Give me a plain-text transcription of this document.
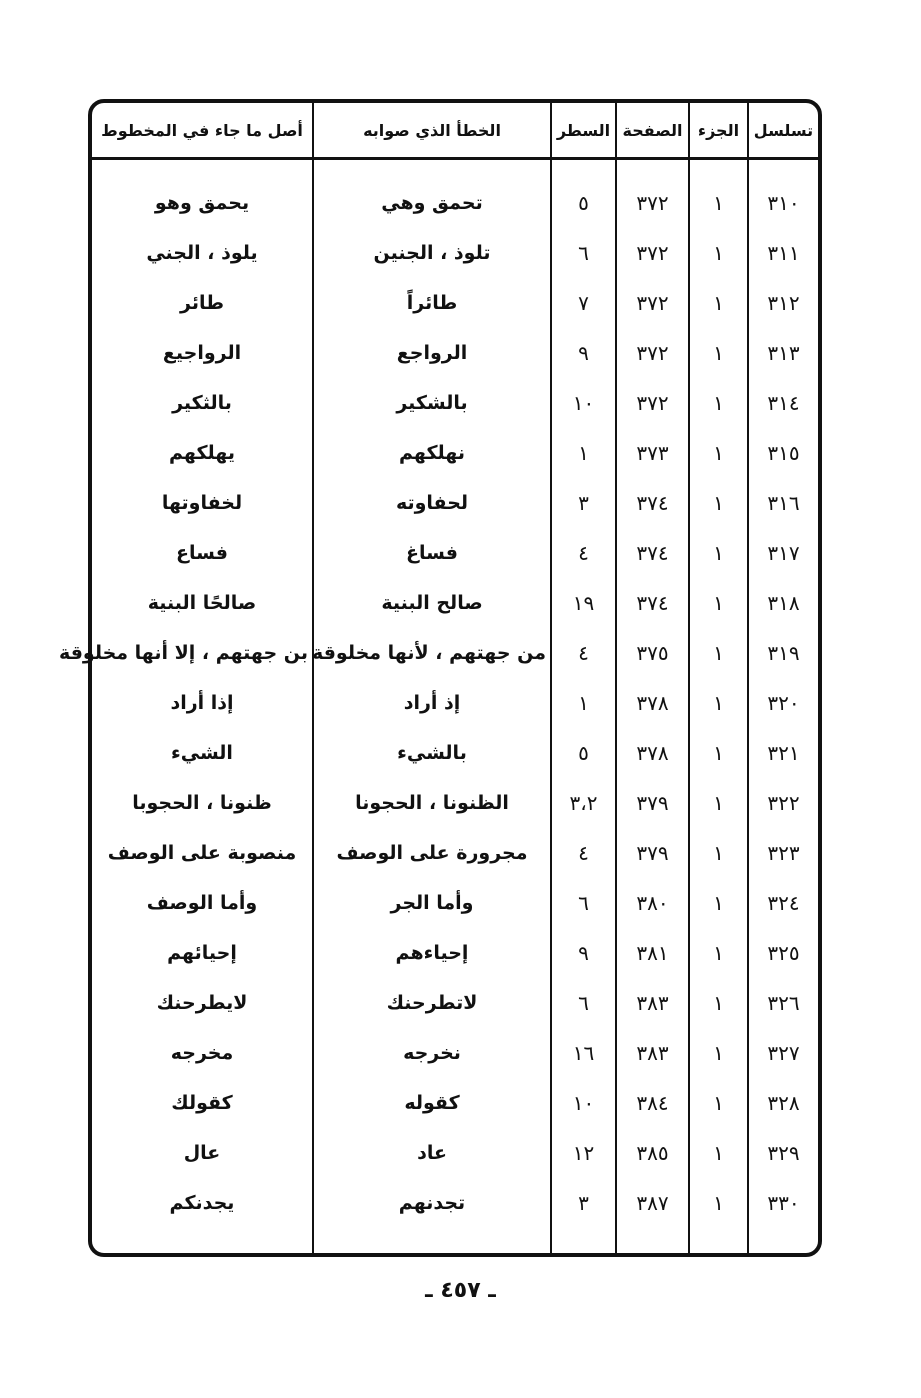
تسلسل	الجزء	الصفحة	السطر	الخطأ الذي صوابه	أصل ما جاء في المخطوط

٣١٠	١	٣٧٢	٥	تحمق وهي	يحمق وهو
٣١١	١	٣٧٢	٦	تلوذ ، الجنين	يلوذ ، الجني
٣١٢	١	٣٧٢	٧	طائراً	طائر
٣١٣	١	٣٧٢	٩	الرواجع	الرواجيع
٣١٤	١	٣٧٢	١٠	بالشكير	بالثكير
٣١٥	١	٣٧٣	١	نهلكهم	يهلكهم
٣١٦	١	٣٧٤	٣	لحفاوته	لخفاوتها
٣١٧	١	٣٧٤	٤	فساغ	فساع
٣١٨	١	٣٧٤	١٩	صالح البنية	صالحًا البنية
٣١٩	١	٣٧٥	٤	من جهتهم ، لأنها مخلوقة	بن جهتهم ، إلا أنها مخلوقة
٣٢٠	١	٣٧٨	١	إذ أراد	إذا أراد
٣٢١	١	٣٧٨	٥	بالشيء	الشيء
٣٢٢	١	٣٧٩	٣،٢	الظنونا ، الحجونا	ظنونا ، الحجوبا
٣٢٣	١	٣٧٩	٤	مجرورة على الوصف	منصوبة على الوصف
٣٢٤	١	٣٨٠	٦	وأما الجر	وأما الوصف
٣٢٥	١	٣٨١	٩	إحياءهم	إحيائهم
٣٢٦	١	٣٨٣	٦	لاتطرحنك	لايطرحنك
٣٢٧	١	٣٨٣	١٦	نخرجه	مخرجه
٣٢٨	١	٣٨٤	١٠	كقوله	كقولك
٣٢٩	١	٣٨٥	١٢	عاد	عال
٣٣٠	١	٣٨٧	٣	تجدنهم	يجدنكم

ـ ٤٥٧ ـ
